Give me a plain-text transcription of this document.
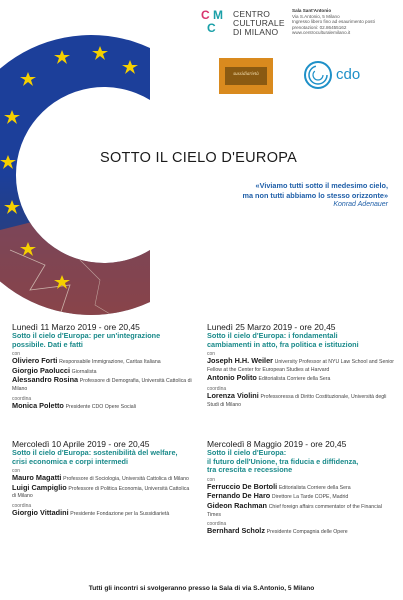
C M
C
CENTRO
CULTURALE
DI MILANO
Sala Sant'Antonio
Via S.Antonio, 5 Milano
Ingresso libero fino ad esaurimento posti
prenotazioni: 02.86455162
www.centroculturalemilano.it
sussidiarietà	cdo
SOTTO IL CIELO D'EUROPA
«Viviamo tutti sotto il medesimo cielo,
ma non tutti abbiamo lo stesso orizzonte»
Konrad Adenauer
Lunedì 11 Marzo 2019 - ore 20,45
Sotto il cielo d'Europa: per un'integrazione
possibile. Dati e fatti
con
Oliviero Forti Responsabile Immigrazione, Caritas Italiana
Giorgio Paolucci Giornalista
Alessandro Rosina Professore di Demografia, Università Cattolica di Milano
coordina
Monica Poletto Presidente CDO Opere Sociali
Lunedì 25 Marzo 2019 - ore 20,45
Sotto il cielo d'Europa: i fondamentali
cambiamenti in atto, fra politica e istituzioni
con
Joseph H.H. Weiler University Professor at NYU Law School and Senior Fellow at the Center for European Studies at Harvard
Antonio Polito Editorialista Corriere della Sera
coordina
Lorenza Violini Professoressa di Diritto Costituzionale, Università degli Studi di Milano
Mercoledì 10 Aprile 2019 - ore 20,45
Sotto il cielo d'Europa: sostenibilità del welfare,
crisi economica e corpi intermedi
con
Mauro Magatti Professore di Sociologia, Università Cattolica di Milano
Luigi Campiglio Professore di Politica Economia, Università Cattolica di Milano
coordina
Giorgio Vittadini Presidente Fondazione per la Sussidiarietà
Mercoledì 8 Maggio 2019 - ore 20,45
Sotto il cielo d'Europa:
il futuro dell'Unione, tra fiducia e diffidenza,
tra crescita e recessione
con
Ferruccio De Bortoli Editorialista Corriere della Sera
Fernando De Haro Direttore La Tarde COPE, Madrid
Gideon Rachman Chief foreign affairs commentator of the Financial Times
coordina
Bernhard Scholz Presidente Compagnia delle Opere
Tutti gli incontri si svolgeranno presso la Sala di via S.Antonio, 5 Milano
